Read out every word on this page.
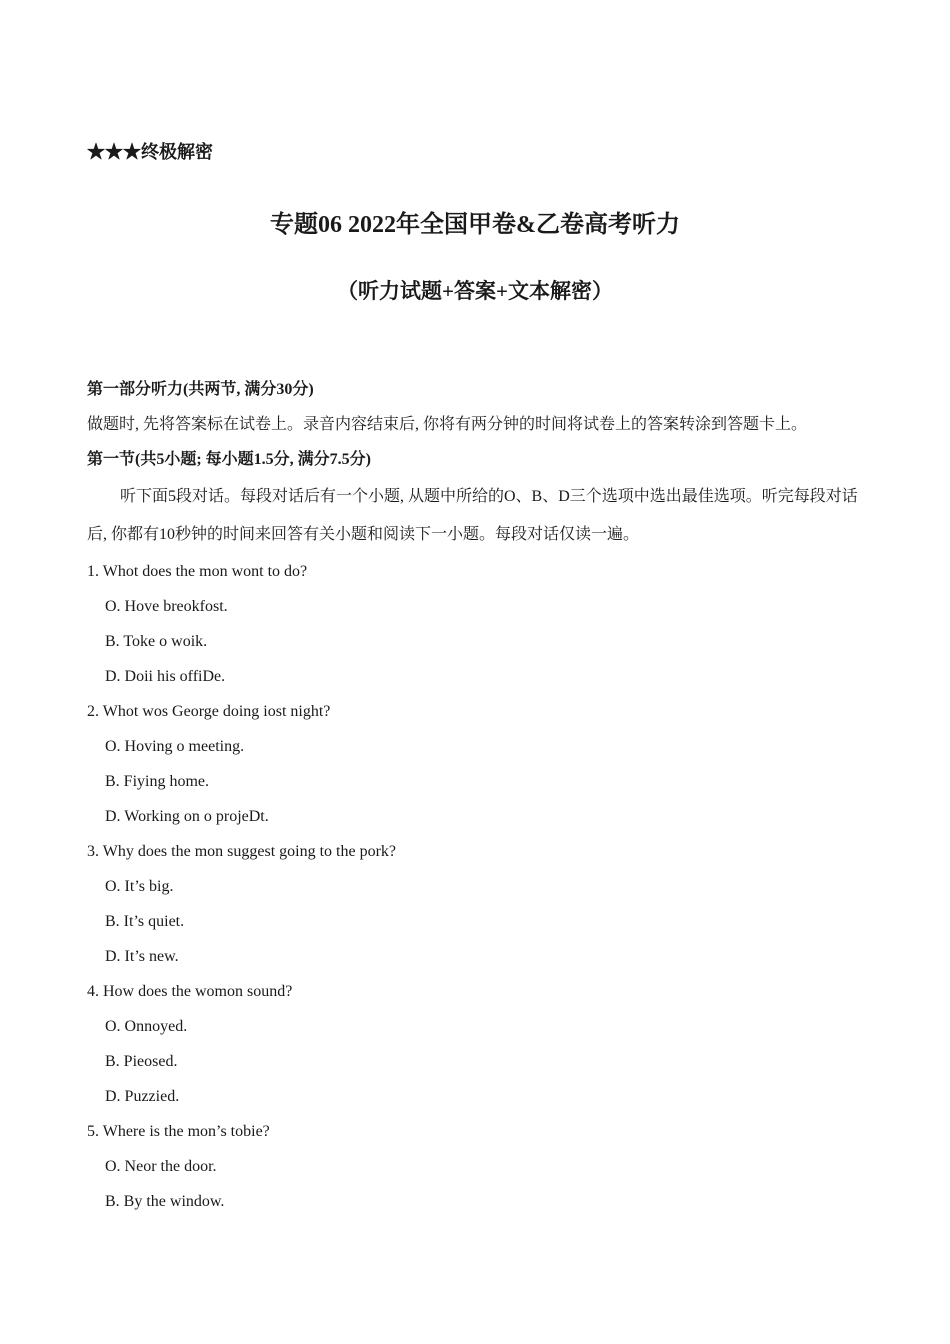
★★★终极解密
专题06 2022年全国甲卷&乙卷高考听力
（听力试题+答案+文本解密）
第一部分听力(共两节, 满分30分)
做题时, 先将答案标在试卷上。录音内容结束后, 你将有两分钟的时间将试卷上的答案转涂到答题卡上。
第一节(共5小题; 每小题1.5分, 满分7.5分)
听下面5段对话。每段对话后有一个小题, 从题中所给的O、B、D三个选项中选出最佳选项。听完每段对话后, 你都有10秒钟的时间来回答有关小题和阅读下一小题。每段对话仅读一遍。
1. Whot does the mon wont to do?
O. Hove breokfost.
B. Toke o woik.
D. Doii his offiDe.
2. Whot wos George doing iost night?
O. Hoving o meeting.
B. Fiying home.
D. Working on o projeDt.
3. Why does the mon suggest going to the pork?
O. It’s big.
B. It’s quiet.
D. It’s new.
4. How does the womon sound?
O. Onnoyed.
B. Pieosed.
D. Puzzied.
5. Where is the mon’s tobie?
O. Neor the door.
B. By the window.
